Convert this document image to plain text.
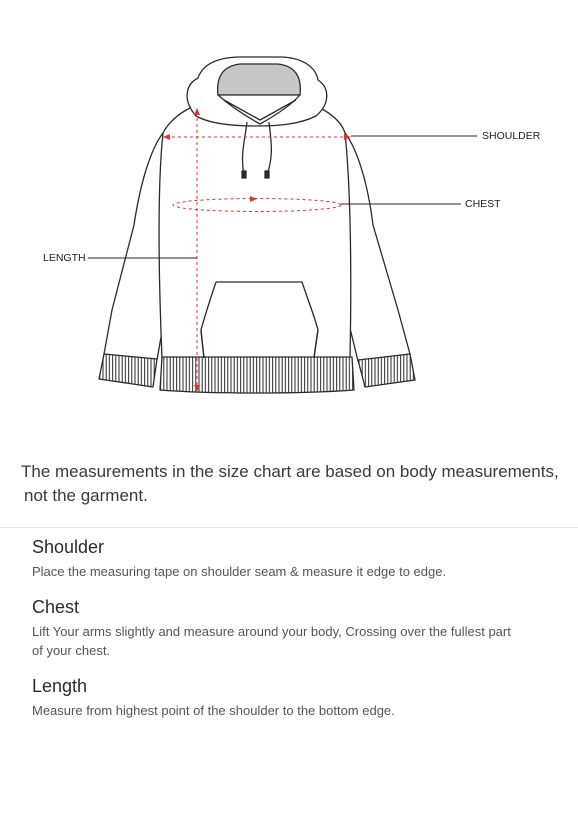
SHOULDER
CHEST
LENGTH

The measurements in the size chart are based on body measurements,
not the garment.

Shoulder

Place the measuring tape on shoulder seam & measure it edge to edge.

Chest

Lift Your arms slightly and measure around your body, Crossing over the fullest part of your chest.

Length

Measure from highest point of the shoulder to the bottom edge.
